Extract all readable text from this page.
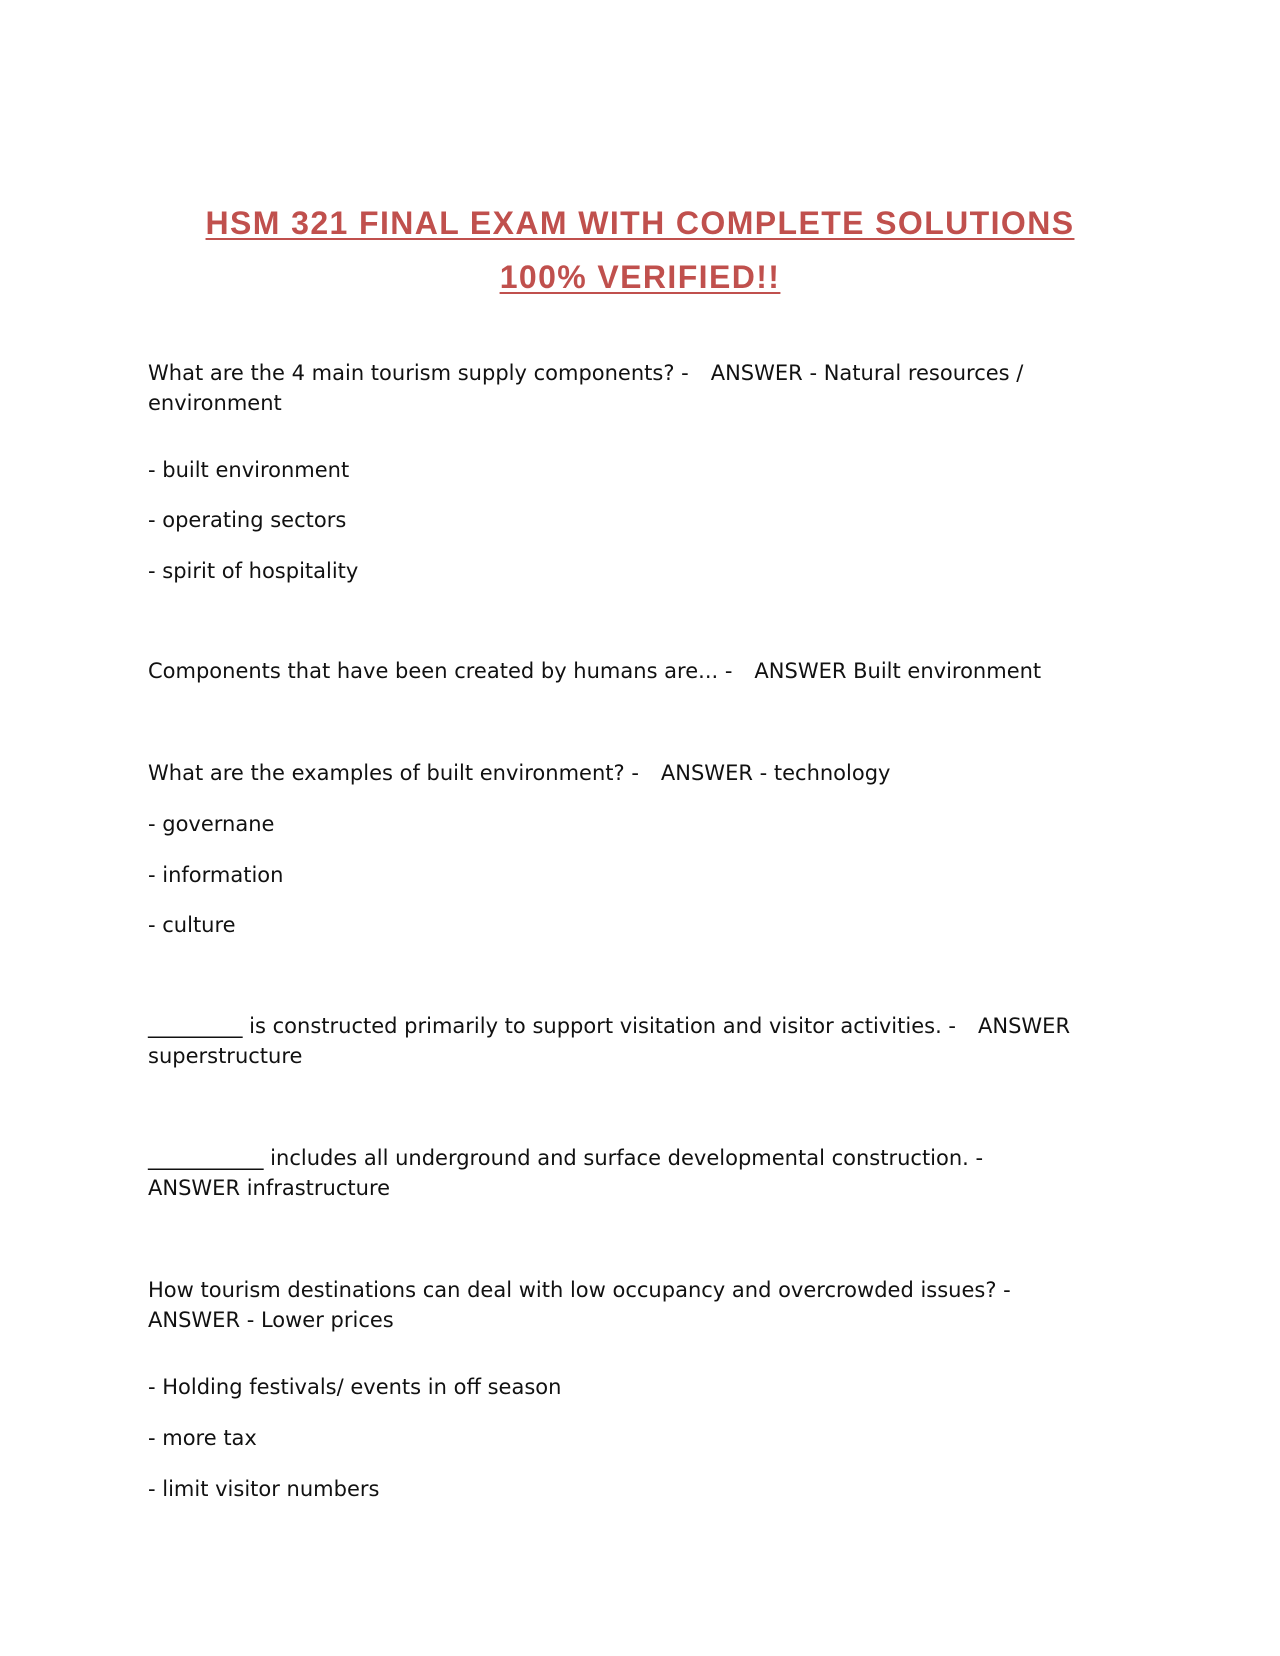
HSM 321 FINAL EXAM WITH COMPLETE SOLUTIONS
100% VERIFIED!!

What are the 4 main tourism supply components? - ANSWER - Natural resources / environment

- built environment
- operating sectors
- spirit of hospitality

Components that have been created by humans are... - ANSWER Built environment

What are the examples of built environment? - ANSWER - technology

- governane
- information
- culture

_________ is constructed primarily to support visitation and visitor activities. - ANSWER superstructure

___________ includes all underground and surface developmental construction. -
ANSWER infrastructure

How tourism destinations can deal with low occupancy and overcrowded issues? -
ANSWER - Lower prices

- Holding festivals/ events in off season
- more tax
- limit visitor numbers
